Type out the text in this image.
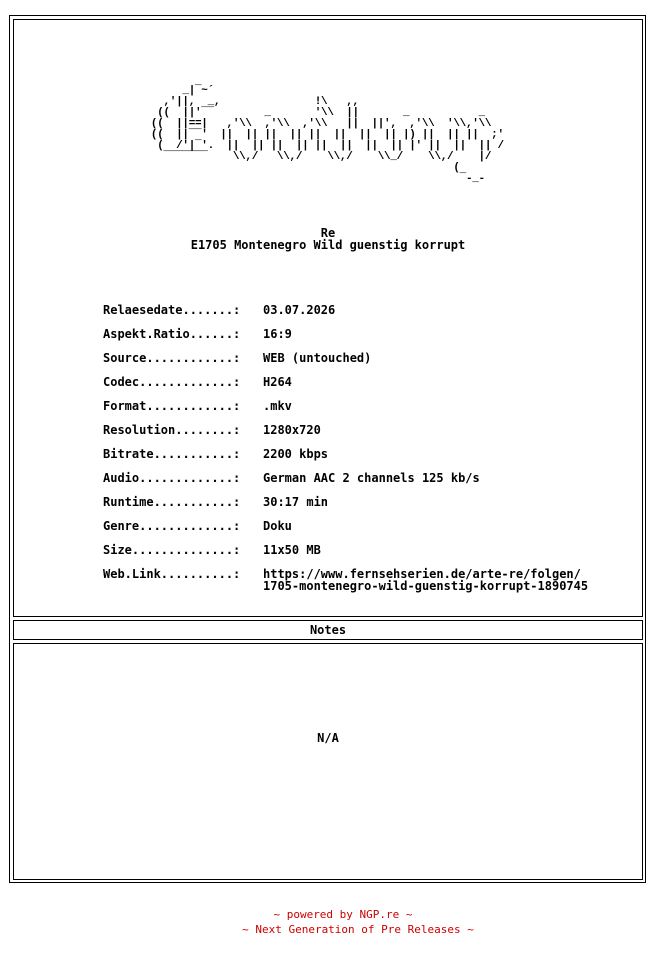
_|‾~´
,'||,  _,               !\   ,,
((  ||'‾‾        _       '\\  ||       _           _
((  ||==|   ,'\\  ,'\\  ,'\\   ||  ||',  ,'\\  '\\,'\\
((  ||‾‾'  ||  || ||  || ||  ||  ||  || |) ||  || ||  ;'
(  /'|‾'.  ||  || ||  || ||  ||  ||  || |' ||  ||  || /
‾‾‾‾‾‾‾    \\,/   \\,/    \\,/    \\_/    \\,/    |/
(
‾-_-
Re
E1705 Montenegro Wild guenstig korrupt
Relaesedate.......: 03.07.2026
Aspekt.Ratio......: 16:9
Source............: WEB (untouched)
Codec.............: H264
Format............: .mkv
Resolution........: 1280x720
Bitrate...........: 2200 kbps
Audio.............: German AAC 2 channels 125 kb/s
Runtime...........: 30:17 min
Genre.............: Doku
Size..............: 11x50 MB
Web.Link..........: https://www.fernsehserien.de/arte-re/folgen/
1705-montenegro-wild-guenstig-korrupt-1890745
Notes
N/A
~ powered by NGP.re ~
~ Next Generation of Pre Releases ~
